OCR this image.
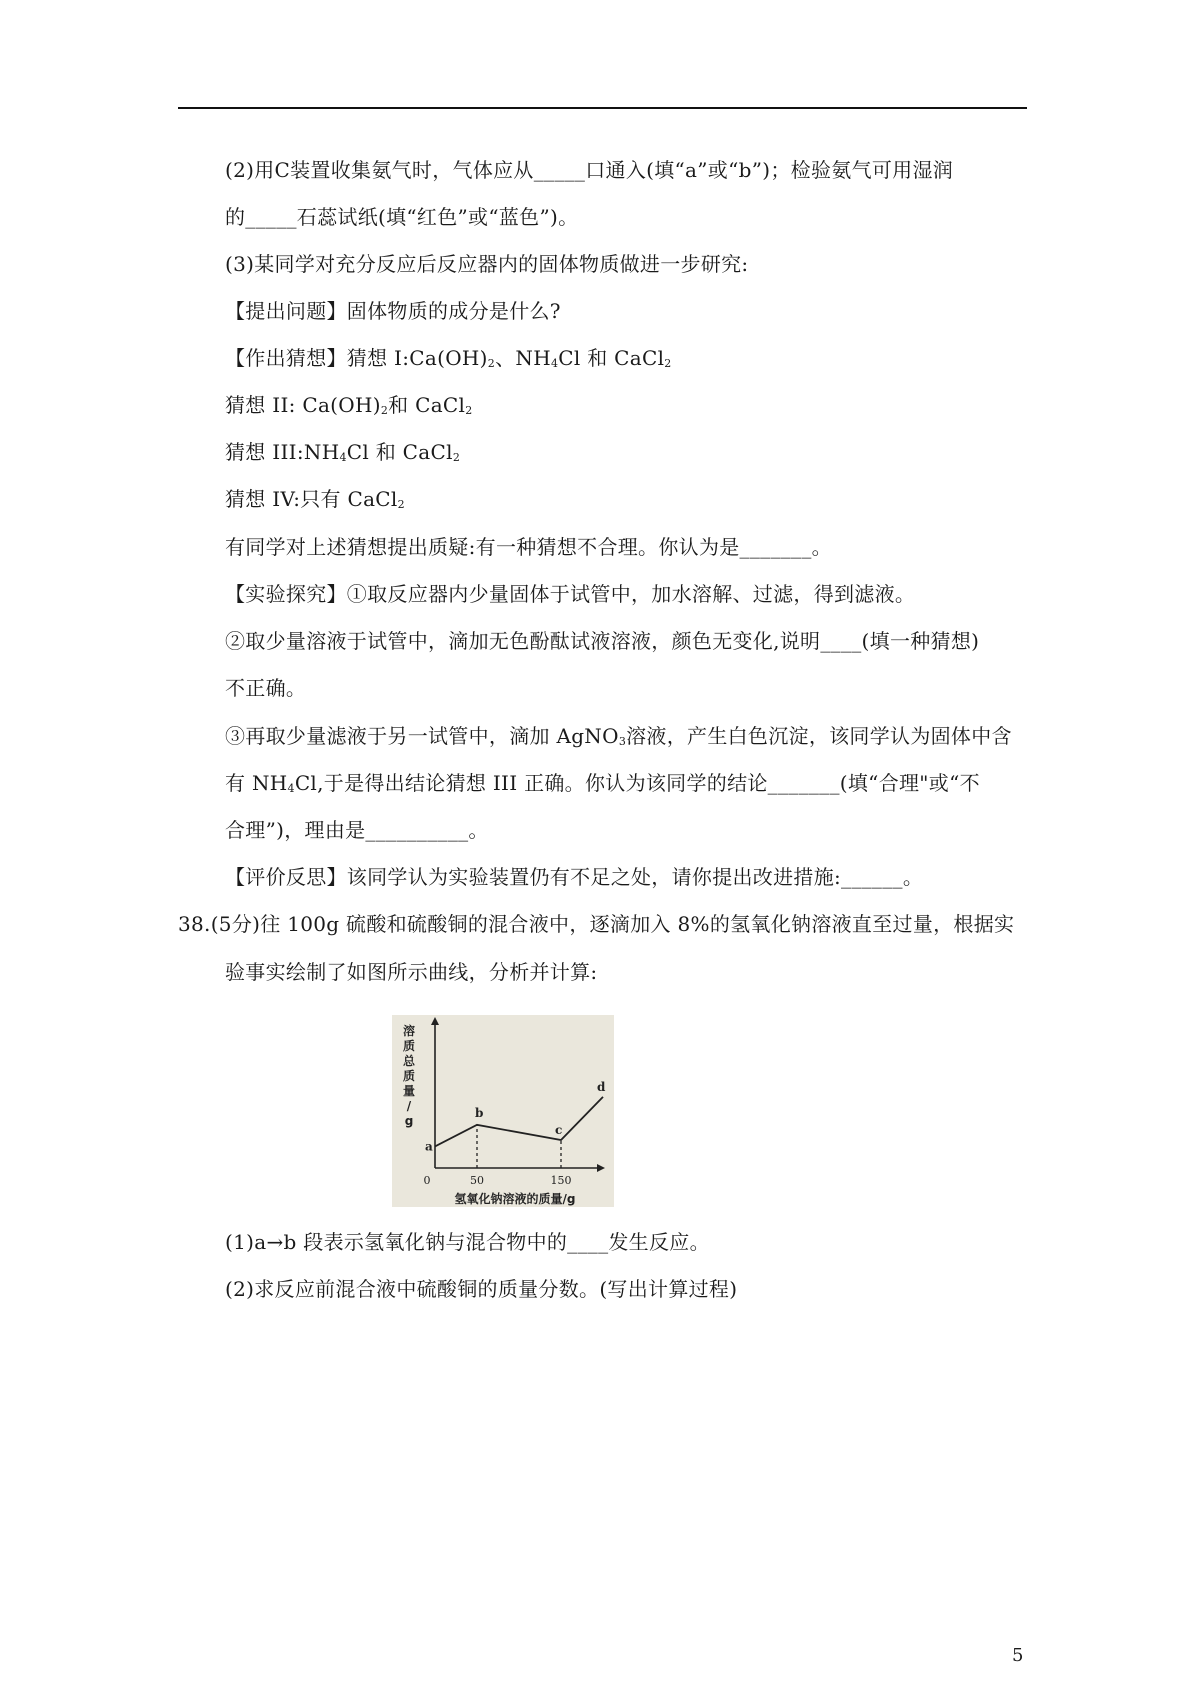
(2)用C装置收集氨气时，气体应从_____口通入(填“a”或“b”)；检验氨气可用湿润
的_____石蕊试纸(填“红色”或“蓝色”)。
(3)某同学对充分反应后反应器内的固体物质做进一步研究:
【提出问题】固体物质的成分是什么?
【作出猜想】猜想 $I:Ca(OH)_2$、$NH_4Cl$ 和 CaCl$_2$
猜想 II: $Ca(OH)_2$和 CaCl$_2$
猜想 $III:NH_4Cl$ 和 CaCl$_2$
猜想 IV:只有 CaCl$_2$
有同学对上述猜想提出质疑:有一种猜想不合理。你认为是_______。
【实验探究】①取反应器内少量固体于试管中，加水溶解、过滤，得到滤液。
②取少量溶液于试管中，滴加无色酚酞试液溶液，颜色无变化,说明____(填一种猜想)
不正确。
③再取少量滤液于另一试管中，滴加 AgNO$_3$溶液，产生白色沉淀，该同学认为固体中含
有 $NH_4Cl$,于是得出结论猜想 III 正确。你认为该同学的结论_______(填“合理"或“不
合理”)，理由是__________。
【评价反思】该同学认为实验装置仍有不足之处，请你提出改进措施:______。
38.(5分)往 100g 硫酸和硫酸铜的混合液中，逐滴加入 8%的氢氧化钠溶液直至过量，根据实
验事实绘制了如图所示曲线，分析并计算:
a
b
c
d
0	50	150
溶
质
总
质
量
/
g
氢氧化钠溶液的质量/g
(1)a→b 段表示氢氧化钠与混合物中的____发生反应。
(2)求反应前混合液中硫酸铜的质量分数。(写出计算过程)
5
